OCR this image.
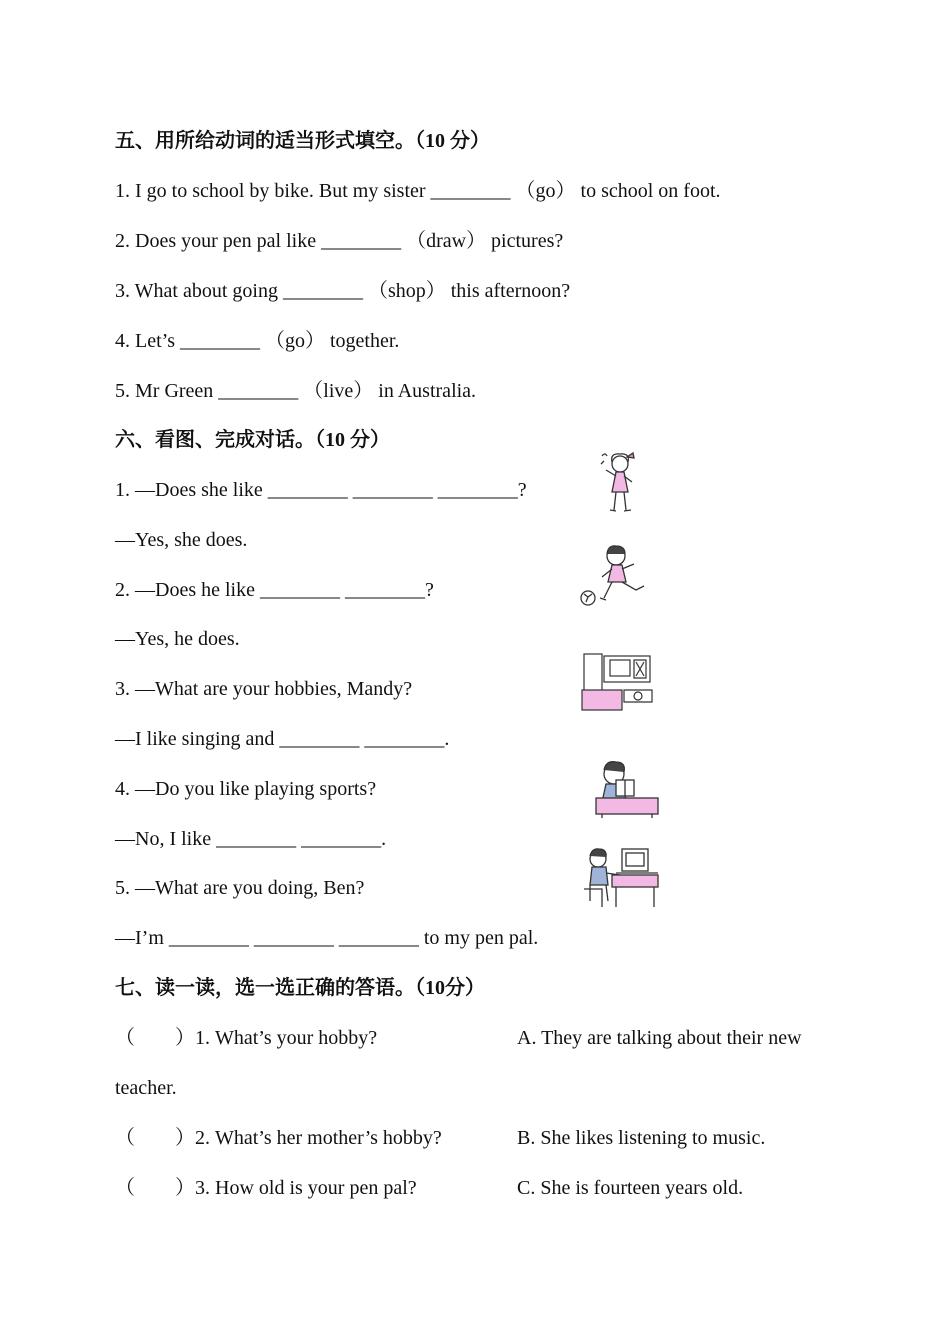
五、用所给动词的适当形式填空。（10 分）
1. I go to school by bike. But my sister ________ （go） to school on foot.
2. Does your pen pal like ________ （draw） pictures?
3. What about going ________ （shop） this afternoon?
4. Let’s ________ （go） together.
5. Mr Green ________ （live） in Australia.
六、看图、完成对话。（10 分）
1. —Does she like ________ ________ ________?
—Yes, she does.
2. —Does he like ________ ________?
—Yes, he does.
3. —What are your hobbies, Mandy?
—I like singing and ________ ________.
4. —Do you like playing sports?
—No, I like ________ ________.
5. —What are you doing, Ben?
—I’m ________ ________ ________ to my pen pal.
七、读一读，选一选正确的答语。（10分）
（　　）1. What’s your hobby?	A. They are talking about their new
teacher.
（　　）2. What’s her mother’s hobby?	B. She likes listening to music.
（　　）3. How old is your pen pal?	C. She is fourteen years old.
